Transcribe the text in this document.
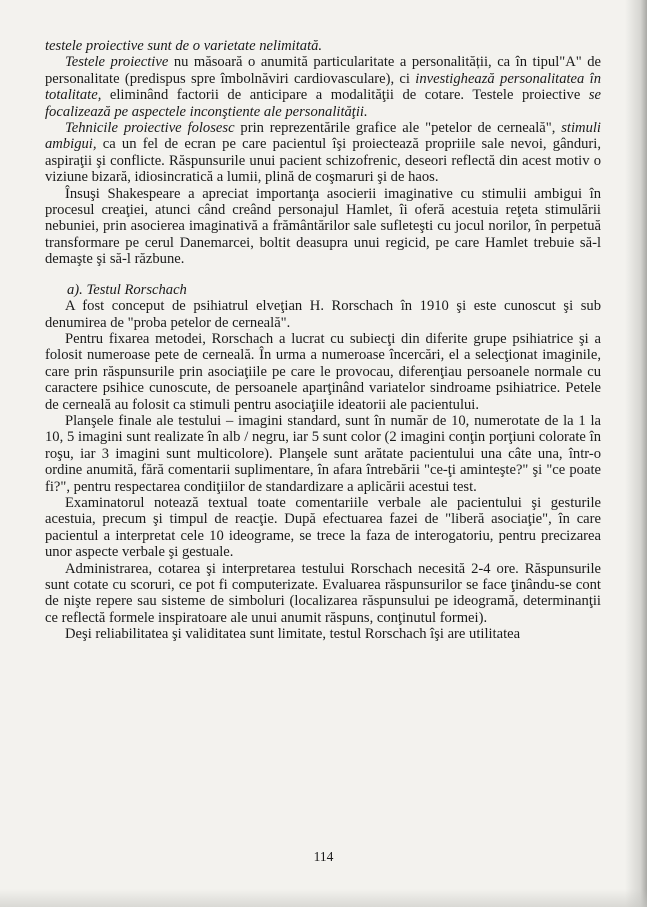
testele proiective sunt de o varietate nelimitată.

Testele proiective nu măsoară o anumită particularitate a personalității, ca în tipul"A" de personalitate (predispus spre îmbolnăviri cardiovasculare), ci investighează personalitatea în totalitate, eliminând factorii de anticipare a modalităţii de cotare. Testele proiective se focalizează pe aspectele inconştiente ale personalităţii.

Tehnicile proiective folosesc prin reprezentările grafice ale "petelor de cerneală", stimuli ambigui, ca un fel de ecran pe care pacientul îşi proiectează propriile sale nevoi, gânduri, aspiraţii şi conflicte. Răspunsurile unui pacient schizofrenic, deseori reflectă din acest motiv o viziune bizară, idiosincratică a lumii, plină de coşmaruri şi de haos.

Însuşi Shakespeare a apreciat importanţa asocierii imaginative cu stimulii ambigui în procesul creaţiei, atunci când creând personajul Hamlet, îi oferă acestuia reţeta stimulării nebuniei, prin asocierea imaginativă a frământărilor sale sufleteşti cu jocul norilor, în perpetuă transformare pe cerul Danemarcei, boltit deasupra unui regicid, pe care Hamlet trebuie să-l demaşte şi să-l răzbune.

a). Testul Rorschach

A fost conceput de psihiatrul elveţian H. Rorschach în 1910 şi este cunoscut şi sub denumirea de "proba petelor de cerneală".

Pentru fixarea metodei, Rorschach a lucrat cu subiecţi din diferite grupe psihiatrice şi a folosit numeroase pete de cerneală. În urma a numeroase încercări, el a selecţionat imaginile, care prin răspunsurile prin asociaţiile pe care le provocau, diferenţiau persoanele normale cu caractere psihice cunoscute, de persoanele aparţinând variatelor sindroame psihiatrice. Petele de cerneală au folosit ca stimuli pentru asociaţiile ideatorii ale pacientului.

Planşele finale ale testului – imagini standard, sunt în număr de 10, numerotate de la 1 la 10, 5 imagini sunt realizate în alb / negru, iar 5 sunt color (2 imagini conţin porţiuni colorate în roşu, iar 3 imagini sunt multicolore). Planşele sunt arătate pacientului una câte una, într-o ordine anumită, fără comentarii suplimentare, în afara întrebării "ce-ţi aminteşte?" şi "ce poate fi?", pentru respectarea condiţiilor de standardizare a aplicării acestui test.

Examinatorul notează textual toate comentariile verbale ale pacientului şi gesturile acestuia, precum şi timpul de reacţie. După efectuarea fazei de "liberă asociaţie", în care pacientul a interpretat cele 10 ideograme, se trece la faza de interogatoriu, pentru precizarea unor aspecte verbale şi gestuale.

Administrarea, cotarea şi interpretarea testului Rorschach necesită 2-4 ore. Răspunsurile sunt cotate cu scoruri, ce pot fi computerizate. Evaluarea răspunsurilor se face ţinându-se cont de nişte repere sau sisteme de simboluri (localizarea răspunsului pe ideogramă, determinanţii ce reflectă formele inspiratoare ale unui anumit răspuns, conţinutul formei).

Deşi reliabilitatea şi validitatea sunt limitate, testul Rorschach îşi are utilitatea

114
